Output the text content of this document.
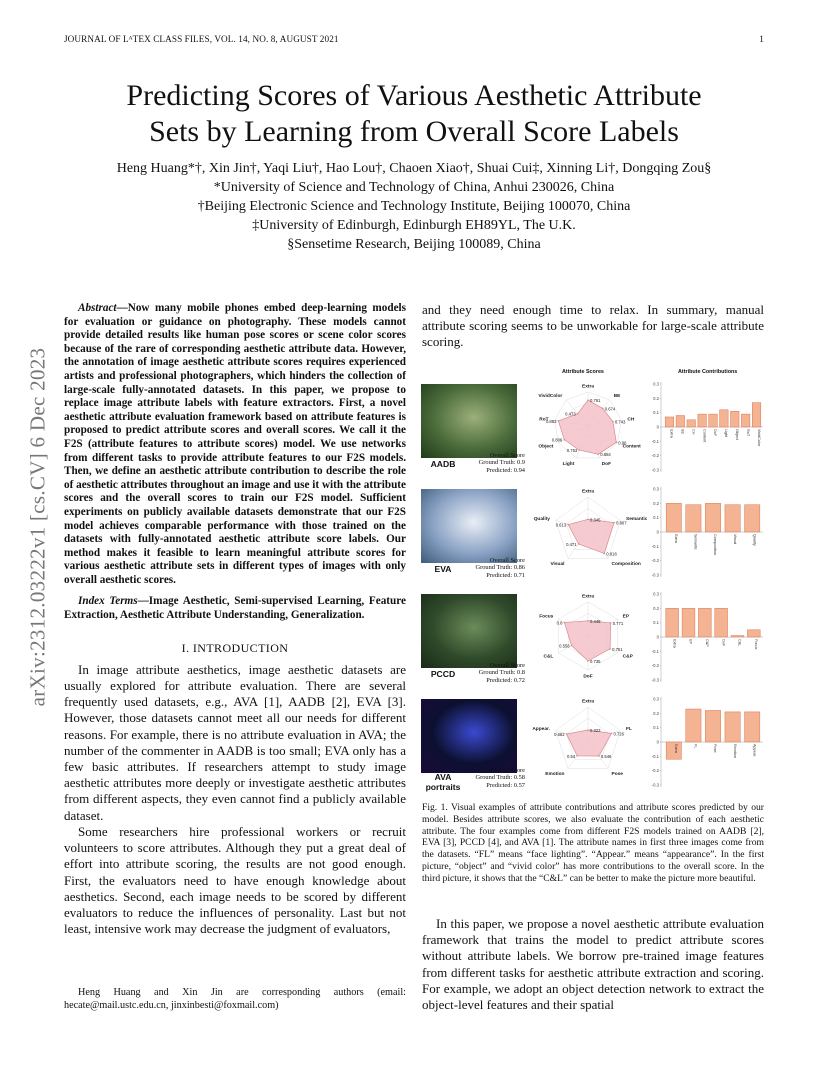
JOURNAL OF LᴬTEX CLASS FILES, VOL. 14, NO. 8, AUGUST 2021	1
Predicting Scores of Various Aesthetic Attribute
Sets by Learning from Overall Score Labels
Heng Huang*†, Xin Jin†, Yaqi Liu†, Hao Lou†, Chaoen Xiao†, Shuai Cui‡, Xinning Li†, Dongqing Zou§
*University of Science and Technology of China, Anhui 230026, China
†Beijing Electronic Science and Technology Institute, Beijing 100070, China
‡University of Edinburgh, Edinburgh EH89YL, The U.K.
§Sensetime Research, Beijing 100089, China
arXiv:2312.03222v1 [cs.CV] 6 Dec 2023

Abstract—Now many mobile phones embed deep-learning models for evaluation or guidance on photography. These models cannot provide detailed results like human pose scores or scene color scores because of the rare of corresponding aesthetic attribute data. However, the annotation of image aesthetic attribute scores requires experienced artists and professional photographers, which hinders the collection of large-scale fully-annotated datasets. In this paper, we propose to replace image attribute labels with feature extractors. First, a novel aesthetic attribute evaluation framework based on attribute features is proposed to predict attribute scores and overall scores. We call it the F2S (attribute features to attribute scores) model. We use networks from different tasks to provide attribute features to our F2S models. Then, we define an aesthetic attribute contribution to describe the role of aesthetic attributes throughout an image and use it with the attribute scores and the overall scores to train our F2S model. Sufficient experiments on publicly available datasets demonstrate that our F2S model achieves comparable performance with those trained on the datasets with fully-annotated aesthetic attribute score labels. Our method makes it feasible to learn meaningful attribute scores for various aesthetic attribute sets in different types of images with only overall aesthetic scores.

Index Terms—Image Aesthetic, Semi-supervised Learning, Feature Extraction, Aesthetic Attribute Understanding, Generalization.

I. INTRODUCTION

In image attribute aesthetics, image aesthetic datasets are usually explored for attribute evaluation. There are several frequently used datasets, e.g., AVA [1], AADB [2], EVA [3]. However, those datasets cannot meet all our needs for different reasons. For example, there is no attribute evaluation in AVA; the number of the commenter in AADB is too small; EVA only has a few basic attributes. If researchers attempt to study image aesthetic attributes more deeply or investigate aesthetic attributes from different aspects, they even cannot find a publicly available dataset.

Some researchers hire professional workers or recruit volunteers to score attributes. Although they put a great deal of effort into attribute scoring, the results are not good enough. First, the evaluators need to have enough knowledge about aesthetics. Second, each image needs to be scored by different evaluators to reduce the influences of personality. Last but not least, intensive work may decrease the judgment of evaluators,

Heng Huang and Xin Jin are corresponding authors (email: hecate@mail.ustc.edu.cn, jinxinbesti@foxmail.com)

and they need enough time to relax. In summary, manual attribute scoring seems to be unworkable for large-scale attribute scoring.

Attribute Scores	Attribute Contributions
AADB
Overall Score
Ground Truth: 0.9
Predicted: 0.94
0.761
0.674
0.743
0.96
0.884
0.753
0.806
0.883
0.473
Extra
BE
CH
Content
DoF
Light
Object
RoT
VividColor
0.3
0.2
0.1
0
-0.1
-0.2
-0.3
Extra BE CH Content DoF Light Object RoT VividColor
EVA
Overall Score
Ground Truth: 0.86
Predicted: 0.71
0.345
0.807
0.816
0.471
0.613
Extra
Semantic
Composition
Visual
Quality
0.3
0.2
0.1
0
-0.1
-0.2
-0.3
Extra	Semantic	Composition	Visual	Quality
PCCD
Overall Score
Ground Truth: 0.8
Predicted: 0.72
0.448	0.771
0.751
0.735
0.558
0.8
Extra
EP
C&P
DoF
C&L
Focus
0.3
0.2
0.1
0
-0.1
-0.2
-0.3
Extra	EP	C&P	DoF	C&L	Focus
AVA portraits
Overall Score
Ground Truth: 0.58
Predicted: 0.57
0.323
0.726
0.546
0.54
0.662
Extra
FL
Pose
Emotion
Appear.
0.3
0.2
0.1
0
-0.1
-0.2
-0.3
Extra	FL	Pose	Emotion	Appear.
Fig. 1. Visual examples of attribute contributions and attribute scores predicted by our model. Besides attribute scores, we also evaluate the contribution of each aesthetic attribute. The four examples come from different F2S models trained on AADB [2], EVA [3], PCCD [4], and AVA [1]. The attribute names in first three images come from the datasets. “FL” means “face lighting”. “Appear.” means “appearance”. In the first picture, “object” and “vivid color” has more contributions to the overall score. In the third picture, it shows that the “C&L” can be better to make the picture more beautiful.
In this paper, we propose a novel aesthetic attribute evaluation framework that trains the model to predict attribute scores without attribute labels. We borrow pre-trained image features from different tasks for aesthetic attribute extraction and scoring. For example, we adopt an object detection network to extract the object-level features and their spatial
